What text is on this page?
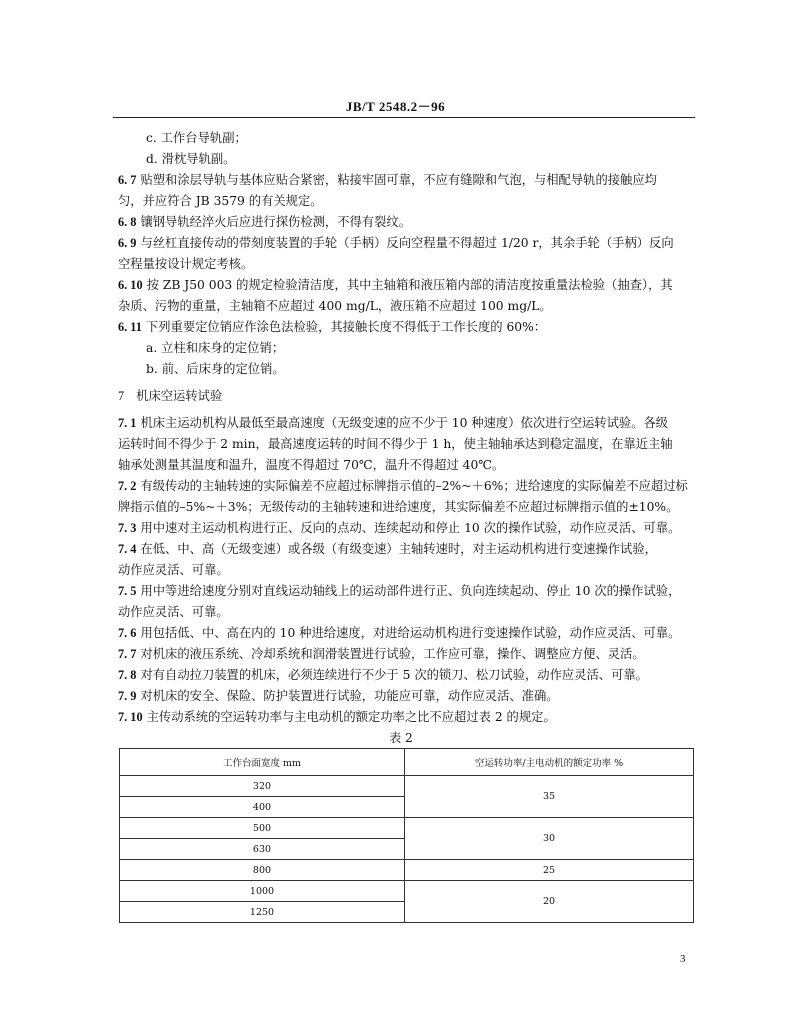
JB/T 2548.2－96
c. 工作台导轨副；
d. 滑枕导轨副。
6. 7 贴塑和涂层导轨与基体应贴合紧密，粘接牢固可靠，不应有缝隙和气泡，与相配导轨的接触应均
匀，并应符合 JB 3579 的有关规定。
6. 8 镶钢导轨经淬火后应进行探伤检测，不得有裂纹。
6. 9 与丝杠直接传动的带刻度装置的手轮（手柄）反向空程量不得超过 1/20 r，其余手轮（手柄）反向
空程量按设计规定考核。
6. 10 按 ZB J50 003 的规定检验清洁度，其中主轴箱和液压箱内部的清洁度按重量法检验（抽查），其
杂质、污物的重量，主轴箱不应超过 400 mg/L，液压箱不应超过 100 mg/L。
6. 11 下列重要定位销应作涂色法检验，其接触长度不得低于工作长度的 60%：
a. 立柱和床身的定位销；
b. 前、后床身的定位销。
7 机床空运转试验
7. 1 机床主运动机构从最低至最高速度（无级变速的应不少于 10 种速度）依次进行空运转试验。各级
运转时间不得少于 2 min，最高速度运转的时间不得少于 1 h，使主轴轴承达到稳定温度，在靠近主轴
轴承处测量其温度和温升，温度不得超过 70℃，温升不得超过 40℃。
7. 2 有级传动的主轴转速的实际偏差不应超过标牌指示值的–2%~＋6%；进给速度的实际偏差不应超过标
牌指示值的–5%~＋3%；无级传动的主轴转速和进给速度，其实际偏差不应超过标牌指示值的±10%。
7. 3 用中速对主运动机构进行正、反向的点动、连续起动和停止 10 次的操作试验，动作应灵活、可靠。
7. 4 在低、中、高（无级变速）或各级（有级变速）主轴转速时，对主运动机构进行变速操作试验，
动作应灵活、可靠。
7. 5 用中等进给速度分别对直线运动轴线上的运动部件进行正、负向连续起动、停止 10 次的操作试验，
动作应灵活、可靠。
7. 6 用包括低、中、高在内的 10 种进给速度，对进给运动机构进行变速操作试验，动作应灵活、可靠。
7. 7 对机床的液压系统、冷却系统和润滑装置进行试验，工作应可靠，操作、调整应方便、灵活。
7. 8 对有自动拉刀装置的机床，必须连续进行不少于 5 次的锁刀、松刀试验，动作应灵活、可靠。
7. 9 对机床的安全、保险、防护装置进行试验，功能应可靠，动作应灵活、准确。
7. 10 主传动系统的空运转功率与主电动机的额定功率之比不应超过表 2 的规定。
表 2
工作台面宽度 mm	空运转功率/主电动机的额定功率 %
320	35
400	
500	30
630	
800	25
1000	20
1250	
3
